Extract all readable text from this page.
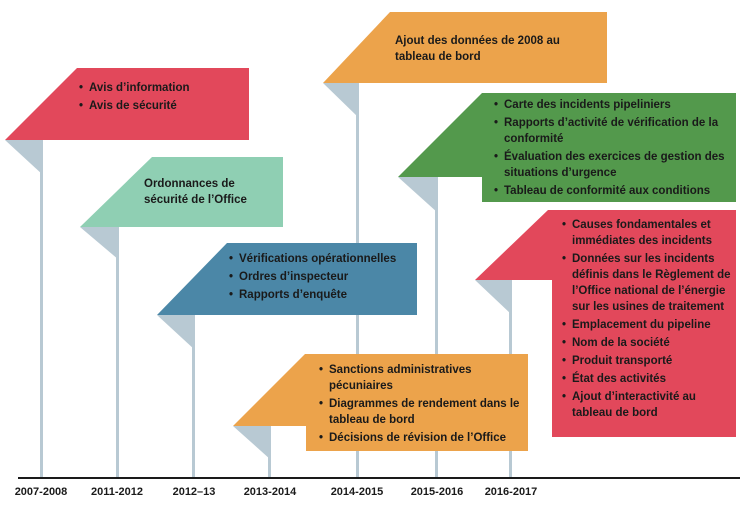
• Avis d’information
• Avis de sécurité
Ordonnances de
sécurité de l’Office
• Vérifications opérationnelles
• Ordres d’inspecteur
• Rapports d’enquête
• Sanctions administratives pécuniaires
• Diagrammes de rendement dans le tableau de bord
• Décisions de révision de l’Office
Ajout des données de 2008 au
tableau de bord
• Carte des incidents pipeliniers
• Rapports d’activité de vérification de la conformité
• Évaluation des exercices de gestion des situations d’urgence
• Tableau de conformité aux conditions
• Causes fondamentales et immédiates des incidents
• Données sur les incidents définis dans le Règlement de l’Office national de l’énergie sur les usines de traitement
• Emplacement du pipeline
• Nom de la société
• Produit transporté
• État des activités
• Ajout d’interactivité au tableau de bord
2007-2008	2011-2012	2012–13	2013-2014	2014-2015	2015-2016	2016-2017
